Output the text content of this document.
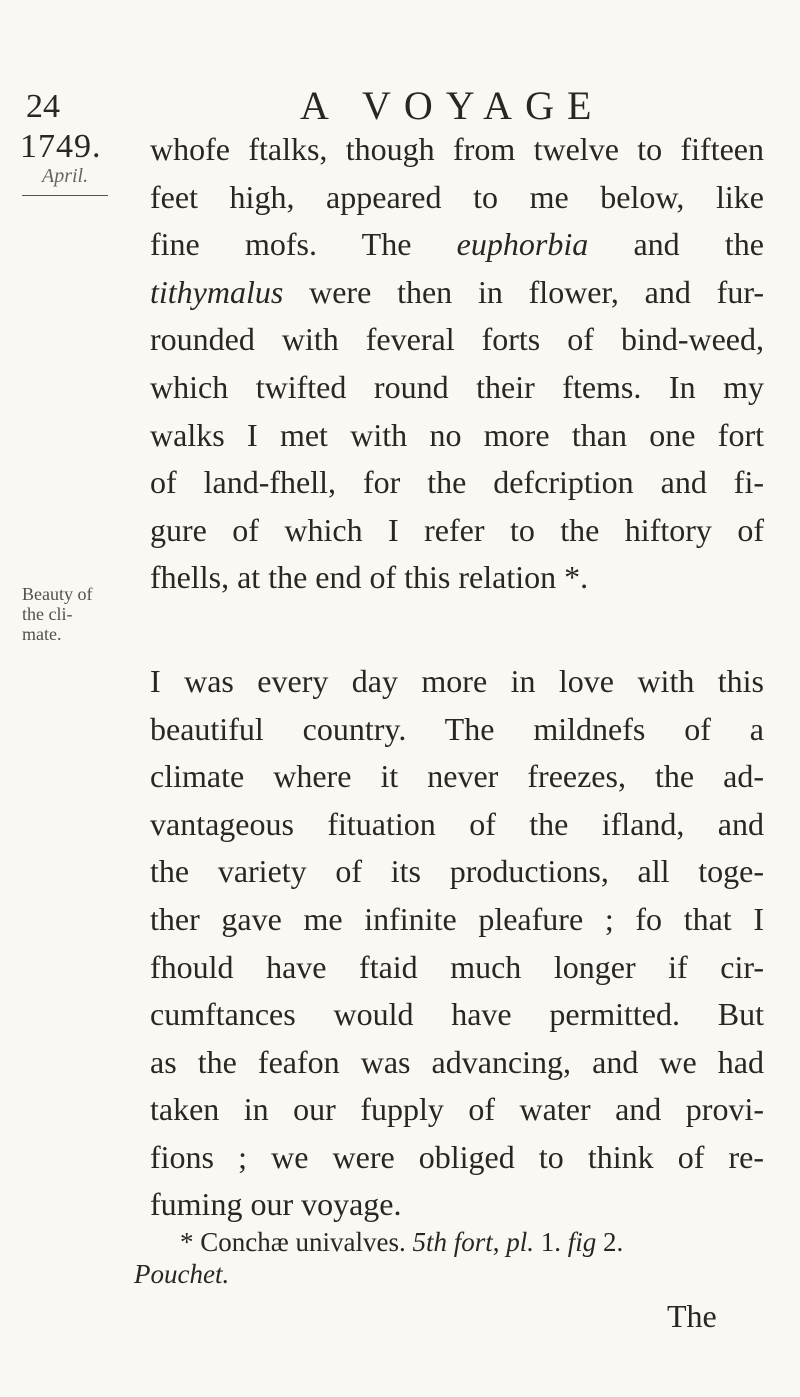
24	A VOYAGE
1749.
April.
Beauty of
the cli-
mate.
whofe ftalks, though from twelve to fifteen
feet high, appeared to me below, like
fine mofs. The euphorbia and the
tithymalus were then in flower, and fur-
rounded with feveral forts of bind-weed,
which twifted round their ftems. In my
walks I met with no more than one fort
of land-fhell, for the defcription and fi-
gure of which I refer to the hiftory of
fhells, at the end of this relation *.
I was every day more in love with this
beautiful country. The mildnefs of a
climate where it never freezes, the ad-
vantageous fituation of the ifland, and
the variety of its productions, all toge-
ther gave me infinite pleafure ; fo that I
fhould have ftaid much longer if cir-
cumftances would have permitted. But
as the feafon was advancing, and we had
taken in our fupply of water and provi-
fions ; we were obliged to think of re-
fuming our voyage.
* Conchæ univalves. 5th fort, pl. 1. fig 2.
Pouchet.
The
